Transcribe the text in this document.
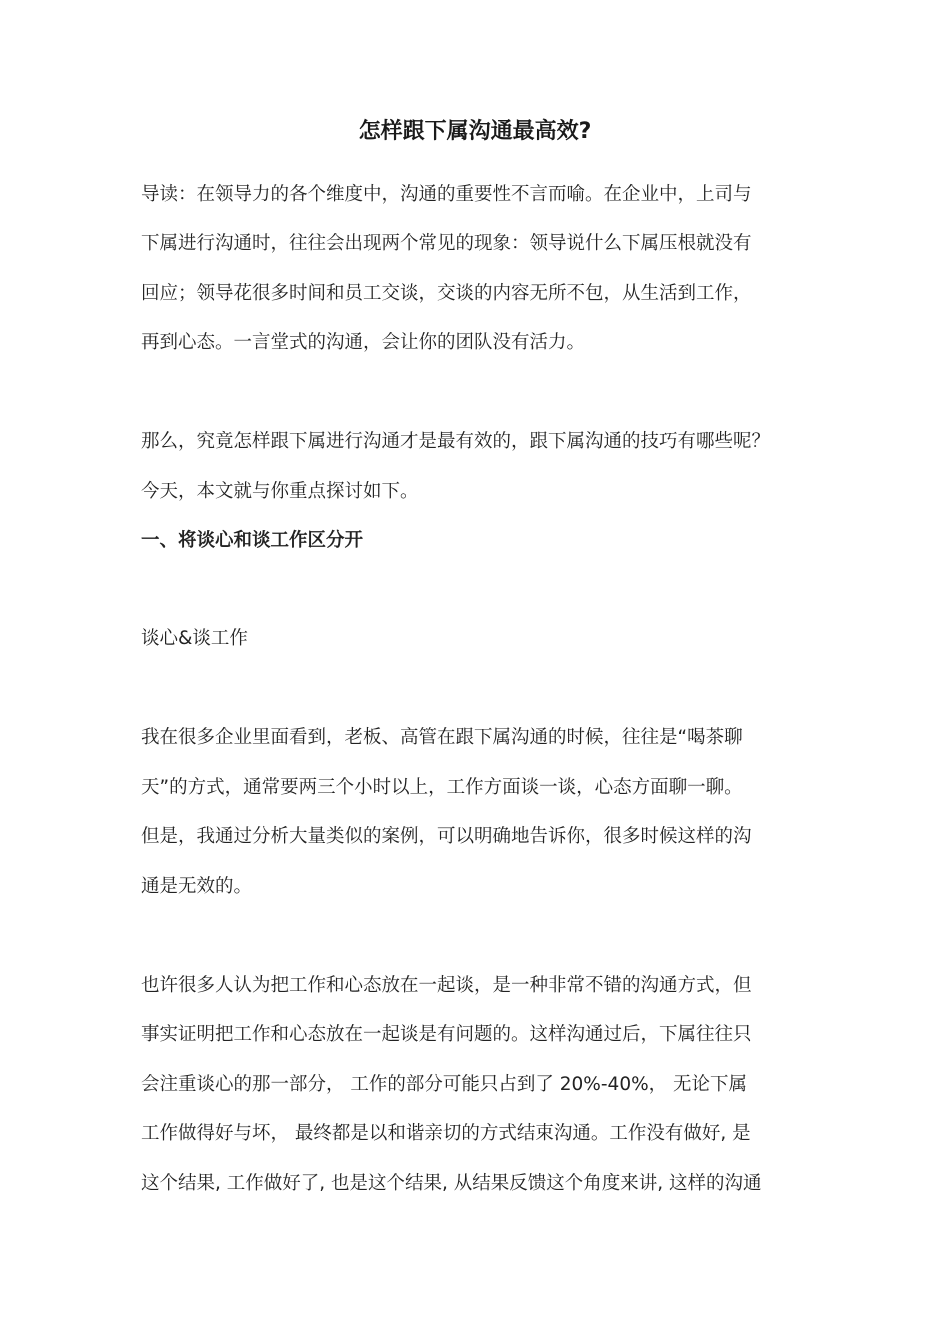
怎样跟下属沟通最高效?
导读：在领导力的各个维度中，沟通的重要性不言而喻。在企业中，上司与
下属进行沟通时，往往会出现两个常见的现象：领导说什么下属压根就没有
回应；领导花很多时间和员工交谈，交谈的内容无所不包，从生活到工作，
再到心态。一言堂式的沟通，会让你的团队没有活力。
那么，究竟怎样跟下属进行沟通才是最有效的，跟下属沟通的技巧有哪些呢？
今天，本文就与你重点探讨如下。
一、将谈心和谈工作区分开
谈心&谈工作
我在很多企业里面看到，老板、高管在跟下属沟通的时候，往往是“喝茶聊
天”的方式，通常要两三个小时以上，工作方面谈一谈，心态方面聊一聊。
但是，我通过分析大量类似的案例，可以明确地告诉你，很多时候这样的沟
通是无效的。
也许很多人认为把工作和心态放在一起谈，是一种非常不错的沟通方式，但
事实证明把工作和心态放在一起谈是有问题的。这样沟通过后，下属往往只
会注重谈心的那一部分， 工作的部分可能只占到了 20%-40%， 无论下属
工作做得好与坏， 最终都是以和谐亲切的方式结束沟通。工作没有做好, 是
这个结果, 工作做好了, 也是这个结果, 从结果反馈这个角度来讲, 这样的沟通
